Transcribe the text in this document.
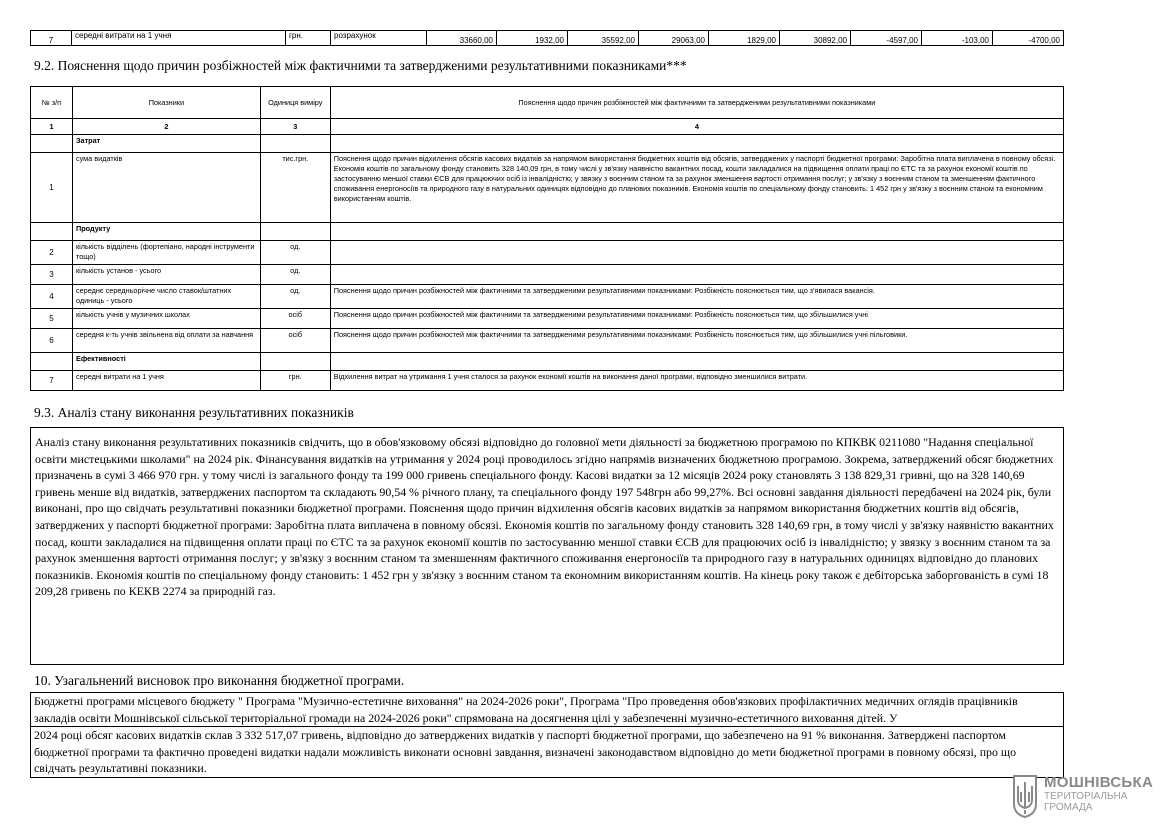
7	середні витрати на 1 учня	грн.	розрахунок	33660,00	1932,00	35592,00	29063,00	1829,00	30892,00	-4597,00	-103,00	-4700,00
9.2. Пояснення щодо причин розбіжностей між фактичними та затвердженими результативними показниками***
№ з/п	Показники	Одиниця виміру	Пояснення щодо причин розбіжностей між фактичними та затвердженими результативними показниками
1	2	3	4
	Затрат		
1	сума видатків	тис.грн.	Пояснення щодо причин відхилення обсягів касових видатків за напрямом використання бюджетних коштів від обсягів, затверджених у паспорті бюджетної програми: Заробітна плата виплачена в повному обсязі. Економія коштів по загальному фонду становить 328 140,09 грн, в тому числі у зв'язку наявністю вакантних посад, кошти закладалися на підвищення оплати праці по ЄТС та за рахунок економії коштів по застосуванню меншої ставки ЄСВ для працюючих осіб із інвалідністю; у звязку з воєнним станом та за рахунок зменшення вартості отримання послуг; у зв'язку з воєнним станом та зменшенням фактичного споживання енергоносіїв та природного газу в натуральних одиницях відповідно до планових показників. Економія коштів по спеціальному фонду становить: 1 452 грн у зв'язку з воєнним станом та економним використанням коштів.
	Продукту		
2	кількість відділень (фортепіано, народні інструменти тощо)	од.	
3	кількість установ - усього	од.	
4	середнє середньорічне число ставок/штатних одиниць - усього	од.	Пояснення щодо причин розбіжностей між фактичними та затвердженими результативними показниками: Розбіжність пояснюється тим, що з'явилася вакансія.
5	кількість учнів у музичних школах	осіб	Пояснення щодо причин розбіжностей між фактичними та затвердженими результативними показниками: Розбіжність пояснюється тим, що збільшилися учні
6	середня к-ть учнів звільнена від оплати за навчання	осіб	Пояснення щодо причин розбіжностей між фактичними та затвердженими результативними показниками: Розбіжність пояснюється тим, що збільшилися учні пільговики.
	Ефективності		
7	середні витрати на 1 учня	грн.	Відхилення витрат на утримання 1 учня сталося за рахунок економії коштів на виконання даної програми, відповідно зменшилися витрати.
9.3. Аналіз стану виконання результативних показників
Аналіз стану виконання результативних показників свідчить, що в обов'язковому обсязі відповідно до головної мети діяльності за бюджетною програмою по КПКВК 0211080 "Надання спеціальної освіти мистецькими школами" на 2024 рік. Фінансування видатків на утримання у 2024 році проводилось згідно напрямів визначених бюджетною програмою. Зокрема, затверджений обсяг бюджетних призначень в сумі 3 466 970 грн. у тому числі із загального фонду та 199 000 гривень спеціального фонду. Касові видатки за 12 місяців 2024 року становлять 3 138 829,31 гривні, що на 328 140,69 гривень менше від видатків, затверджених паспортом та складають 90,54 % річного плану, та спеціального фонду 197 548грн або 99,27%. Всі основні завдання діяльності передбачені на 2024 рік, були виконані, про що свідчать результативні показники бюджетної програми. Пояснення щодо причин відхилення обсягів касових видатків за напрямом використання бюджетних коштів від обсягів, затверджених у паспорті бюджетної програми: Заробітна плата виплачена в повному обсязі. Економія коштів по загальному фонду становить 328 140,69 грн, в тому числі у зв'язку наявністю вакантних посад, кошти закладалися на підвищення оплати праці по ЄТС та за рахунок економії коштів по застосуванню меншої ставки ЄСВ для працюючих осіб із інвалідністю; у звязку з воєнним станом та за рахунок зменшення вартості отримання послуг; у зв'язку з воєнним станом та зменшенням фактичного споживання енергоносіїв та природного газу в натуральних одиницях відповідно до планових показників. Економія коштів по спеціальному фонду становить: 1 452 грн у зв'язку з воєнним станом та економним використанням коштів. На кінець року також є дебіторська заборгованість в сумі 18 209,28 гривень по КЕКВ 2274 за природній газ.
10. Узагальнений висновок про виконання бюджетної програми.
Бюджетні програми місцевого бюджету " Програма "Музично-естетичне виховання" на 2024-2026 роки", Програма "Про проведення обов'язкових профілактичних медичних оглядів працівників закладів освіти Мошнівської сільської територіальної громади на 2024-2026 роки" спрямована на досягнення цілі у забезпеченні музично-естетичного виховання дітей. У
2024 році обсяг касових видатків склав 3 332 517,07 гривень, відповідно до затверджених видатків у паспорті бюджетної програми, що забезпечено на 91 % виконання. Затверджені паспортом бюджетної програми та фактично проведені видатки надали можливість виконати основні завдання, визначені законодавством відповідно до мети бюджетної програми в повному обсязі, про що свідчать результативні показники.
МОШНІВСЬКА
ТЕРИТОРІАЛЬНА
ГРОМАДА
